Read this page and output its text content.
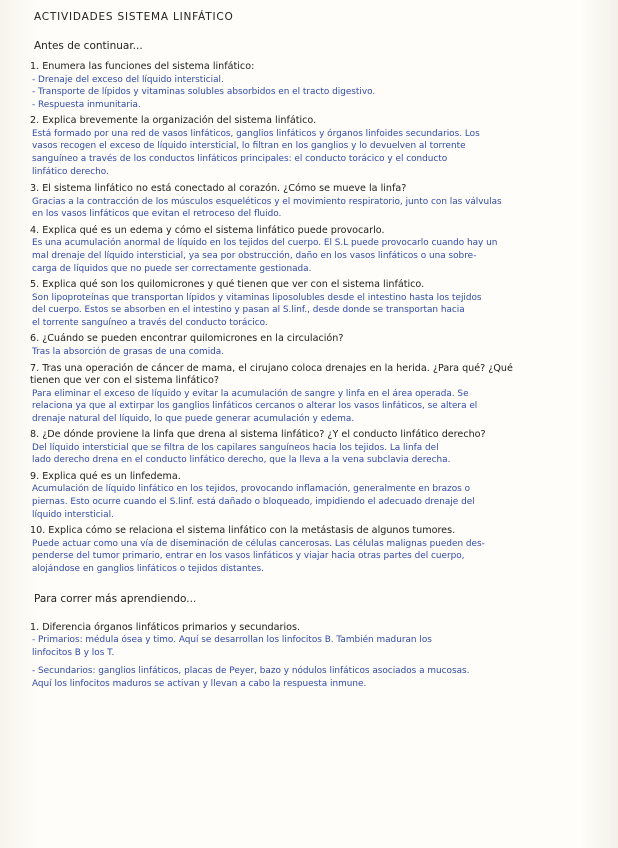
ACTIVIDADES SISTEMA LINFÁTICO
Antes de continuar...

1. Enumera las funciones del sistema linfático:

- Drenaje del exceso del líquido intersticial.

- Transporte de lípidos y vitaminas solubles absorbidos en el tracto digestivo.

- Respuesta inmunitaria.

2. Explica brevemente la organización del sistema linfático.

Está formado por una red de vasos linfáticos, ganglios linfáticos y órganos linfoides secundarios. Los

vasos recogen el exceso de líquido intersticial, lo filtran en los ganglios y lo devuelven al torrente

sanguíneo a través de los conductos linfáticos principales: el conducto torácico y el conducto

linfático derecho.

3. El sistema linfático no está conectado al corazón. ¿Cómo se mueve la linfa?

Gracias a la contracción de los músculos esqueléticos y el movimiento respiratorio, junto con las válvulas

en los vasos linfáticos que evitan el retroceso del fluido.

4. Explica qué es un edema y cómo el sistema linfático puede provocarlo.

Es una acumulación anormal de líquido en los tejidos del cuerpo. El S.L puede provocarlo cuando hay un

mal drenaje del líquido intersticial, ya sea por obstrucción, daño en los vasos linfáticos o una sobre-

carga de líquidos que no puede ser correctamente gestionada.

5. Explica qué son los quilomicrones y qué tienen que ver con el sistema linfático.

Son lipoproteínas que transportan lípidos y vitaminas liposolubles desde el intestino hasta los tejidos

del cuerpo. Estos se absorben en el intestino y pasan al S.linf., desde donde se transportan hacia

el torrente sanguíneo a través del conducto torácico.

6. ¿Cuándo se pueden encontrar quilomicrones en la circulación?

Tras la absorción de grasas de una comida.

7. Tras una operación de cáncer de mama, el cirujano coloca drenajes en la herida. ¿Para qué? ¿Qué

tienen que ver con el sistema linfático?

Para eliminar el exceso de líquido y evitar la acumulación de sangre y linfa en el área operada. Se

relaciona ya que al extirpar los ganglios linfáticos cercanos o alterar los vasos linfáticos, se altera el

drenaje natural del líquido, lo que puede generar acumulación y edema.

8. ¿De dónde proviene la linfa que drena al sistema linfático? ¿Y el conducto linfático derecho?

Del líquido intersticial que se filtra de los capilares sanguíneos hacia los tejidos. La linfa del

lado derecho drena en el conducto linfático derecho, que la lleva a la vena subclavia derecha.

9. Explica qué es un linfedema.

Acumulación de líquido linfático en los tejidos, provocando inflamación, generalmente en brazos o

piernas. Esto ocurre cuando el S.linf. está dañado o bloqueado, impidiendo el adecuado drenaje del

líquido intersticial.

10. Explica cómo se relaciona el sistema linfático con la metástasis de algunos tumores.

Puede actuar como una vía de diseminación de células cancerosas. Las células malignas pueden des-

penderse del tumor primario, entrar en los vasos linfáticos y viajar hacia otras partes del cuerpo,

alojándose en ganglios linfáticos o tejidos distantes.

Para correr más aprendiendo...

1. Diferencia órganos linfáticos primarios y secundarios.

- Primarios: médula ósea y timo. Aquí se desarrollan los linfocitos B. También maduran los

linfocitos B y los T.

- Secundarios: ganglios linfáticos, placas de Peyer, bazo y nódulos linfáticos asociados a mucosas.

Aquí los linfocitos maduros se activan y llevan a cabo la respuesta inmune.
